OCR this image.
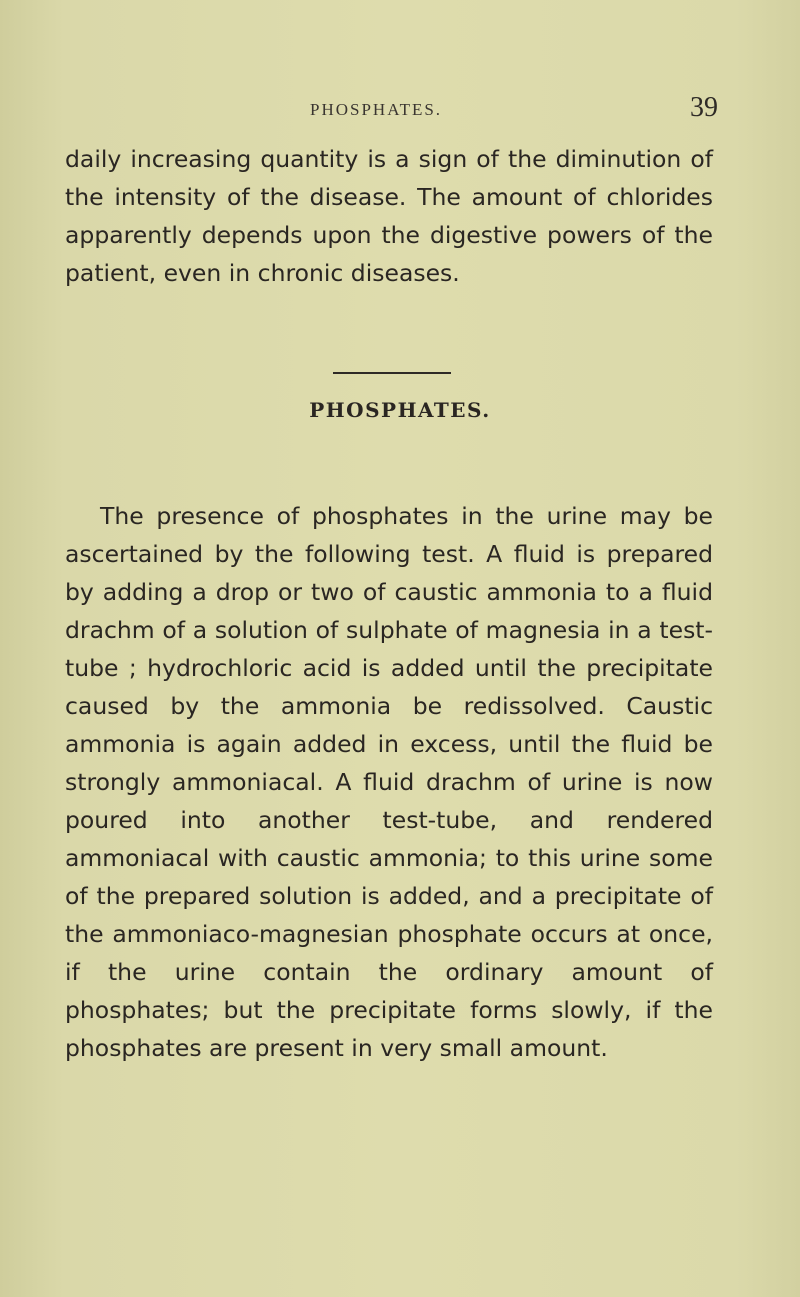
PHOSPHATES.	39

daily increasing quantity is a sign of the diminution of the intensity of the disease. The amount of chlorides apparently depends upon the digestive powers of the patient, even in chronic diseases.

PHOSPHATES.

The presence of phosphates in the urine may be ascertained by the following test. A fluid is prepared by adding a drop or two of caustic ammonia to a fluid drachm of a solution of sulphate of magnesia in a test-tube ; hydrochloric acid is added until the precipitate caused by the ammonia be redissolved. Caustic ammonia is again added in excess, until the fluid be strongly ammoniacal. A fluid drachm of urine is now poured into another test-tube, and rendered ammoniacal with caustic ammonia; to this urine some of the prepared solution is added, and a precipitate of the ammoniaco-magnesian phosphate occurs at once, if the urine contain the ordinary amount of phosphates; but the precipitate forms slowly, if the phosphates are present in very small amount.
